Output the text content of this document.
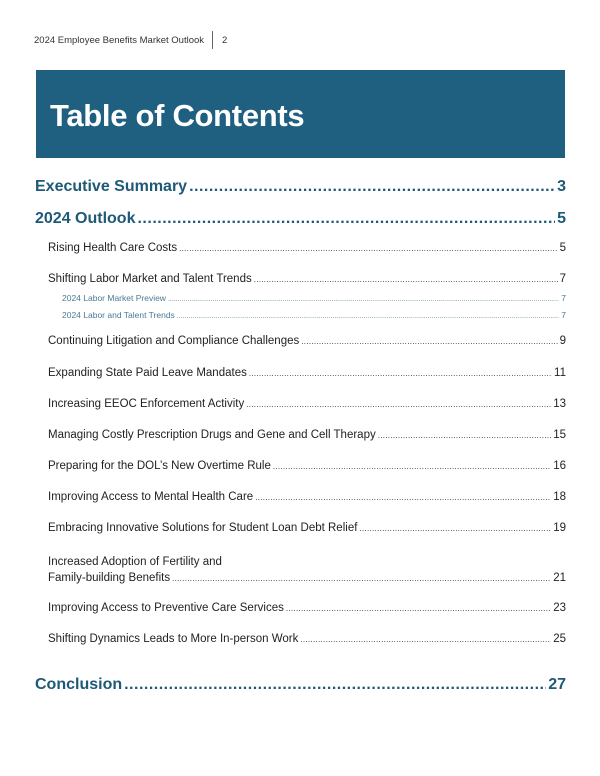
2024 Employee Benefits Market Outlook 2
Table of Contents
Executive Summary .....	3
2024 Outlook .....	5
Rising Health Care Costs .....	5
Shifting Labor Market and Talent Trends .....	7
2024 Labor Market Preview .....	7
2024 Labor and Talent Trends .....	7
Continuing Litigation and Compliance Challenges .....	9
Expanding State Paid Leave Mandates .....	11
Increasing EEOC Enforcement Activity .....	13
Managing Costly Prescription Drugs and Gene and Cell Therapy .....	15
Preparing for the DOL’s New Overtime Rule .....	16
Improving Access to Mental Health Care .....	18
Embracing Innovative Solutions for Student Loan Debt Relief .....	19
Increased Adoption of Fertility and
Family-building Benefits .....	21
Improving Access to Preventive Care Services .....	23
Shifting Dynamics Leads to More In-person Work .....	25
Conclusion .....	27
